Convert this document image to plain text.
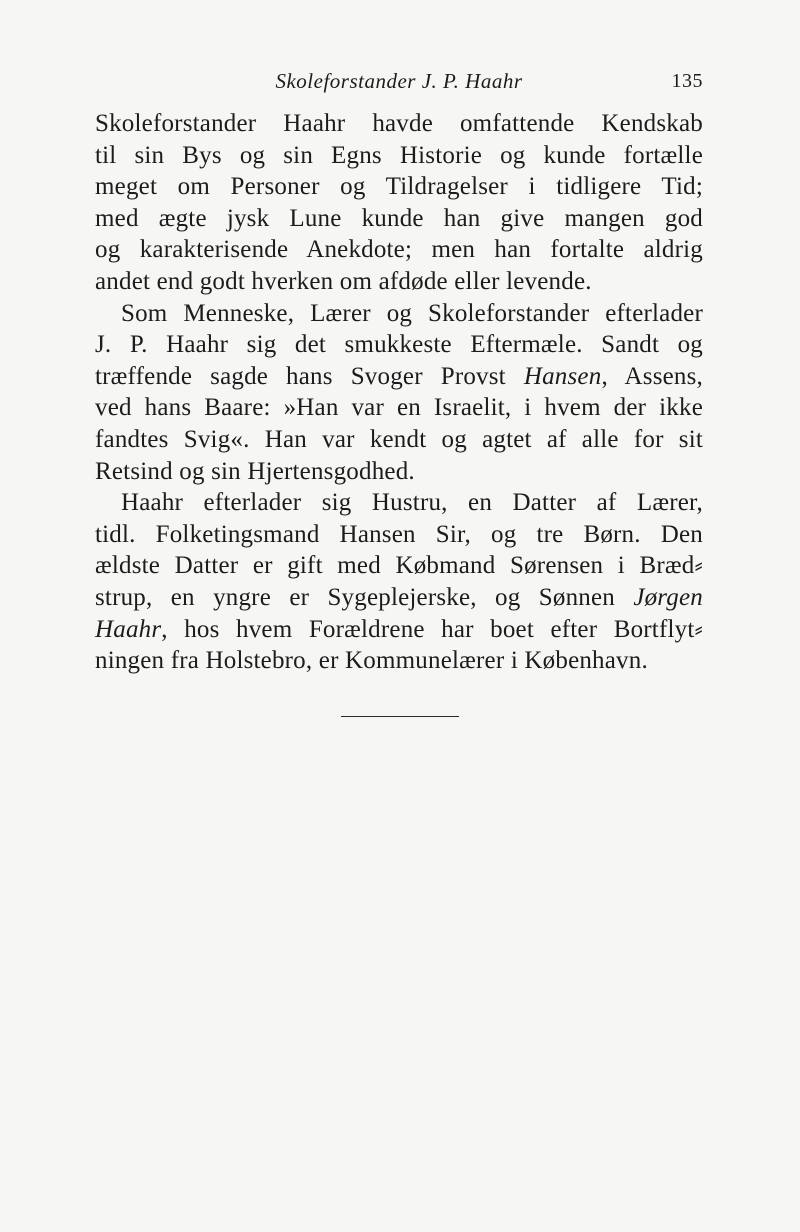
Skoleforstander J. P. Haahr	135
Skoleforstander Haahr havde omfattende Kendskab
til sin Bys og sin Egns Historie og kunde fortælle
meget om Personer og Tildragelser i tidligere Tid;
med ægte jysk Lune kunde han give mangen god
og karakterisende Anekdote; men han fortalte aldrig
andet end godt hverken om afdøde eller levende.
Som Menneske, Lærer og Skoleforstander efterlader
J. P. Haahr sig det smukkeste Eftermæle. Sandt og
træffende sagde hans Svoger Provst Hansen, Assens,
ved hans Baare: »Han var en Israelit, i hvem der ikke
fandtes Svig«. Han var kendt og agtet af alle for sit
Retsind og sin Hjertensgodhed.
Haahr efterlader sig Hustru, en Datter af Lærer,
tidl. Folketingsmand Hansen Sir, og tre Børn. Den
ældste Datter er gift med Købmand Sørensen i Bræd⸗
strup, en yngre er Sygeplejerske, og Sønnen Jørgen
Haahr, hos hvem Forældrene har boet efter Bortflyt⸗
ningen fra Holstebro, er Kommunelærer i København.
